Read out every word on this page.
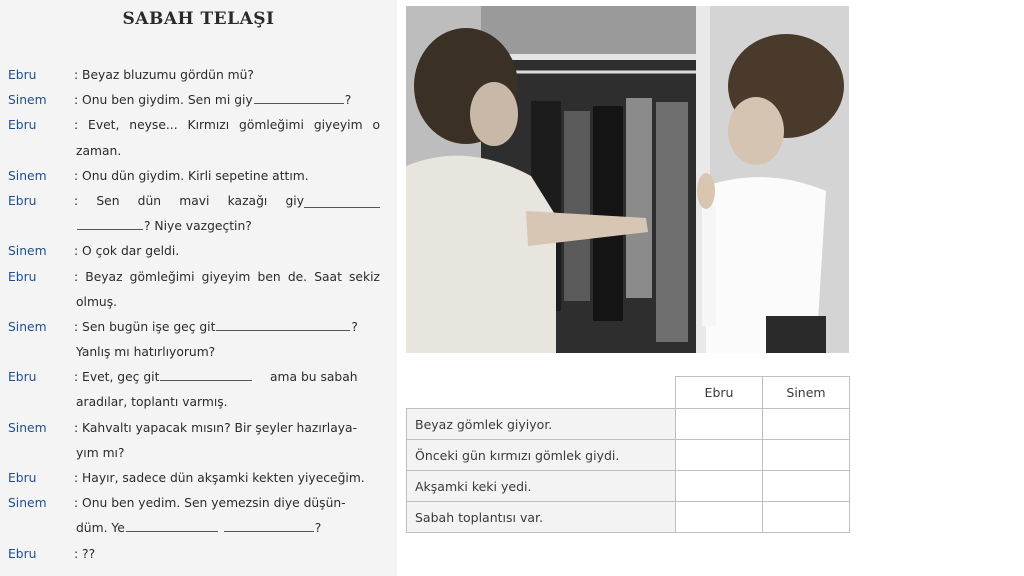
SABAH TELAŞI
Ebru	: Beyaz bluzumu gördün mü?
Sinem : Onu ben giydim. Sen mi giy	?
Ebru	: Evet, neyse... Kırmızı gömleğimi giyeyim o
zaman.
Sinem : Onu dün giydim. Kirli sepetine attım.
Ebru	: Sen dün mavi kazağı giy
? Niye vazgeçtin?
Sinem : O çok dar geldi.
Ebru	: Beyaz gömleğimi giyeyim ben de. Saat sekiz
olmuş.
Sinem : Sen bugün işe geç git	?
Yanlış mı hatırlıyorum?
Ebru	: Evet, geç git	ama bu sabah
aradılar, toplantı varmış.
Sinem : Kahvaltı yapacak mısın? Bir şeyler hazırlaya-
yım mı?
Ebru	: Hayır, sadece dün akşamki kekten yiyeceğim.
Sinem : Onu ben yedim. Sen yemezsin diye düşün-
düm. Ye	?
Ebru	: ??
	Ebru	Sinem
Beyaz gömlek giyiyor.		
Önceki gün kırmızı gömlek giydi.		
Akşamki keki yedi.		
Sabah toplantısı var.		
